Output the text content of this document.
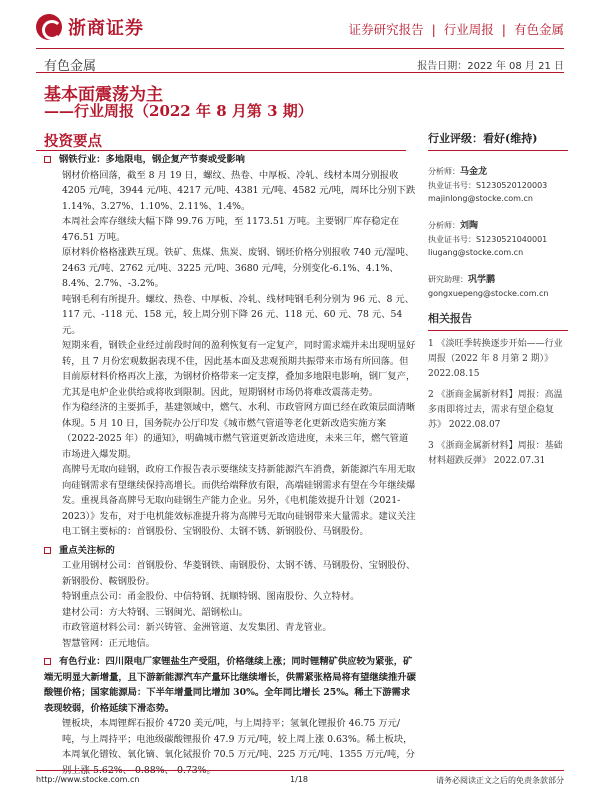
浙商证券	证券研究报告 | 行业周报 | 有色金属
有色金属	报告日期：2022 年 08 月 21 日
基本面震荡为主
——行业周报（2022 年 8 月第 3 期）
投资要点

钢铁行业：多地限电，钢企复产节奏或受影响

钢材价格回落，截至 8 月 19 日，螺纹、热卷、中厚板、冷轧、线材本周分别报收 4205 元/吨，3944 元/吨、4217 元/吨、4381 元/吨、4582 元/吨，周环比分别下跌 1.14%、3.27%、1.10%、2.11%、1.4%。

本周社会库存继续大幅下降 99.76 万吨，至 1173.51 万吨。主要钢厂库存稳定在 476.51 万吨。

原材料价格格涨跌互现。铁矿、焦煤、焦炭、废钢、钢坯价格分别报收 740 元/湿吨、2463 元/吨、2762 元/吨、3225 元/吨、3680 元/吨，分别变化-6.1%、4.1%、8.4%、2.7%、-3.2%。

吨钢毛利有所提升。螺纹、热卷、中厚板、冷轧、线材吨钢毛利分别为 96 元、8 元、117 元、-118 元、158 元，较上周分别下降 26 元、118 元、60 元、78 元、54 元。

短期来看，钢铁企业经过前段时间的盈利恢复有一定复产，同时需求端并未出现明显好转，且 7 月份宏观数据表现不佳，因此基本面及悲观预期共振带来市场有所回落。但目前原材料价格再次上涨，为钢材价格带来一定支撑，叠加多地限电影响，钢厂复产，尤其是电炉企业供给或将收到限制。因此，短期钢材市场仍将难改震荡走势。

作为稳经济的主要抓手，基建领域中，燃气、水利、市政管网方面已经在政策层面清晰体现。5 月 10 日，国务院办公厅印发《城市燃气管道等老化更新改造实施方案（2022-2025 年）的通知》，明确城市燃气管道更新改造进度，未来三年，燃气管道市场进入爆发期。

高牌号无取向硅钢，政府工作报告表示要继续支持新能源汽车消费，新能源汽车用无取向硅钢需求有望继续保持高增长。而供给端释放有限，高端硅钢需求有望在今年继续爆发。重视具备高牌号无取向硅钢生产能力企业。另外，《电机能效提升计划（2021-2023）》发布，对于电机能效标准提升将为高牌号无取向硅钢带来大量需求。建议关注电工钢主要标的：首钢股份、宝钢股份、太钢不锈、新钢股份、马钢股份。

重点关注标的

工业用钢材公司：首钢股份、华菱钢铁、南钢股份、太钢不锈、马钢股份、宝钢股份、新钢股份、鞍钢股份。

特钢重点公司：甬金股份、中信特钢、抚顺特钢、图南股份、久立特材。

建材公司：方大特钢、三钢闽光、韶钢松山。

市政管道材料公司：新兴铸管、金洲管道、友发集团、青龙管业。

智慧管网：正元地信。

有色行业：四川限电厂家锂盐生产受阻，价格继续上涨；同时锂精矿供应较为紧张，矿端无明显大新增量，且下游新能源汽车产量环比继续增长，供需紧张格局将有望继续推升碳酸锂价格；国家能源局：下半年增量同比增加 30%。全年同比增长 25%。稀土下游需求表现较弱，价格延续下滑态势。

锂板块，本周锂辉石报价 4720 美元/吨，与上周持平；氢氧化锂报价 46.75 万元/吨，与上周持平；电池级碳酸锂报价 47.9 万元/吨，较上周上涨 0.63%。稀土板块，本周氧化镨钕、氧化镝、氧化铽报价 70.5 万元/吨、225 万元/吨、1355 万元/吨，分别上涨-5.62%、-0.88%、-0.73%。

行业评级：看好(维持)
分析师：马金龙
执业证书号：S1230520120003
majinlong@stocke.com.cn
分析师：刘陶
执业证书号：S1230521040001
liugang@stocke.com.cn
研究助理：巩学鹏
gongxuepeng@stocke.com.cn
相关报告
1 《淡旺季转换逐步开始——行业周报（2022 年 8 月第 2 期）》 2022.08.15
2 《浙商金属新材料】周报：高温多雨即将过去，需求有望企稳复苏》 2022.08.07
3 《浙商金属新材料】周报：基础材料超跌反弹》 2022.07.31
http://www.stocke.com.cn	1/18	请务必阅读正文之后的免责条款部分
